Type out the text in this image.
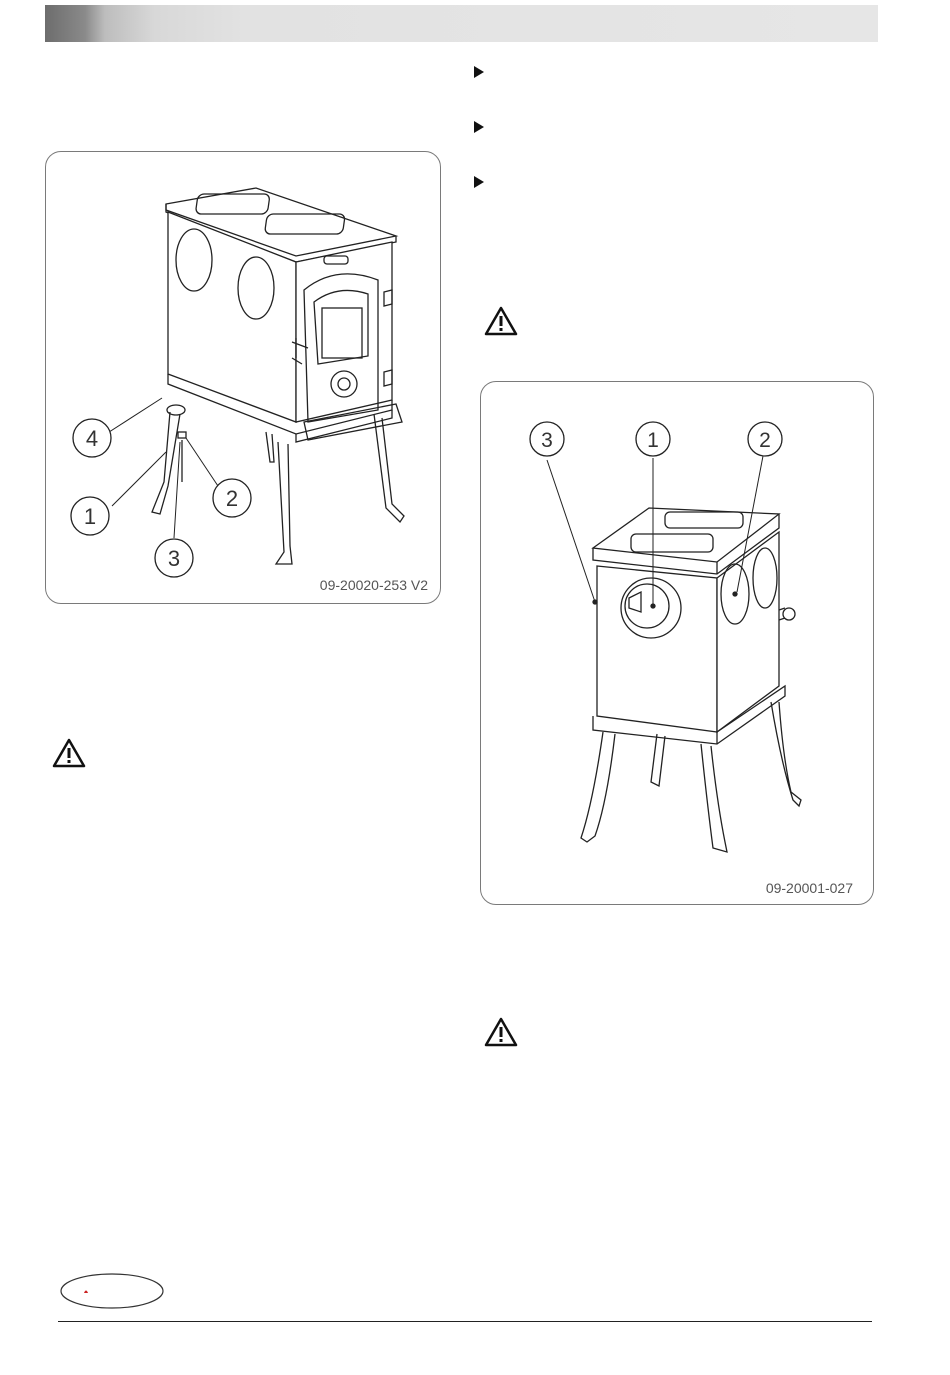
4
1
2
3
09-20020-253 V2
3	1	2
09-20001-027
